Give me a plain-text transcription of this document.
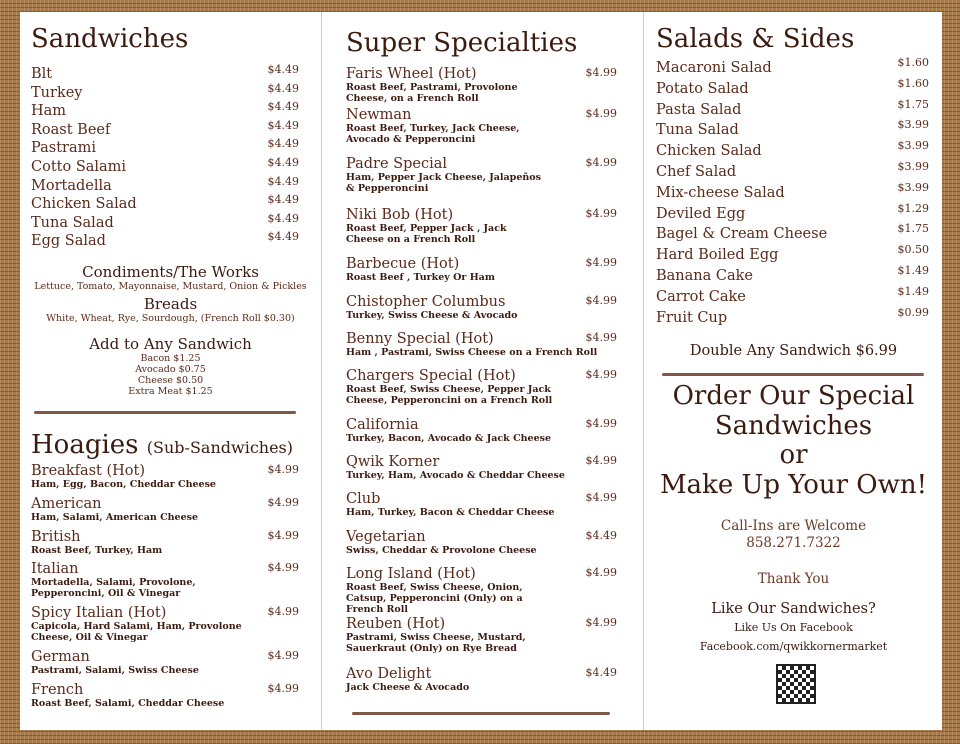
Sandwiches
Blt	$4.49
Turkey	$4.49
Ham	$4.49
Roast Beef	$4.49
Pastrami	$4.49
Cotto Salami	$4.49
Mortadella	$4.49
Chicken Salad	$4.49
Tuna Salad	$4.49
Egg Salad	$4.49
Condiments/The Works
Lettuce, Tomato, Mayonnaise, Mustard, Onion & Pickles
Breads
White, Wheat, Rye, Sourdough, (French Roll $0.30)
Add to Any Sandwich
Bacon $1.25
Avocado $0.75
Cheese $0.50
Extra Meat $1.25
Hoagies (Sub-Sandwiches)
Breakfast (Hot)
Ham, Egg, Bacon, Cheddar Cheese
$4.99
American
Ham, Salami, American Cheese
$4.99
British
Roast Beef, Turkey, Ham
$4.99
Italian
Mortadella, Salami, Provolone, Pepperoncini, Oil & Vinegar
$4.99
Spicy Italian (Hot)
Capicola, Hard Salami, Ham, Provolone Cheese, Oil & Vinegar
$4.99
German
Pastrami, Salami, Swiss Cheese
$4.99
French
Roast Beef, Salami, Cheddar Cheese
$4.99
Super Specialties
Faris Wheel (Hot)
Roast Beef, Pastrami, Provolone Cheese, on a French Roll
$4.99
Newman
Roast Beef, Turkey, Jack Cheese, Avocado & Pepperoncini
$4.99
Padre Special
Ham, Pepper Jack Cheese, Jalapeños & Pepperoncini
$4.99
Niki Bob (Hot)
Roast Beef, Pepper Jack , Jack Cheese on a French Roll
$4.99
Barbecue (Hot)
Roast Beef , Turkey Or Ham
$4.99
Chistopher Columbus
Turkey, Swiss Cheese & Avocado
$4.99
Benny Special (Hot)
Ham , Pastrami, Swiss Cheese on a French Roll
$4.99
Chargers Special (Hot)
Roast Beef, Swiss Cheese, Pepper Jack Cheese, Pepperoncini on a French Roll
$4.99
California
Turkey, Bacon, Avocado & Jack Cheese
$4.99
Qwik Korner
Turkey, Ham, Avocado & Cheddar Cheese
$4.99
Club
Ham, Turkey, Bacon & Cheddar Cheese
$4.99
Vegetarian
Swiss, Cheddar & Provolone Cheese
$4.49
Long Island (Hot)
Roast Beef, Swiss Cheese, Onion, Catsup, Pepperoncini (Only) on a French Roll
$4.99
Reuben (Hot)
Pastrami, Swiss Cheese, Mustard, Sauerkraut (Only) on Rye Bread
$4.99
Avo Delight
Jack Cheese & Avocado
$4.49
Salads & Sides
Macaroni Salad	$1.60
Potato Salad	$1.60
Pasta Salad	$1.75
Tuna Salad	$3.99
Chicken Salad	$3.99
Chef Salad	$3.99
Mix-cheese Salad	$3.99
Deviled Egg	$1.29
Bagel & Cream Cheese	$1.75
Hard Boiled Egg	$0.50
Banana Cake	$1.49
Carrot Cake	$1.49
Fruit Cup	$0.99
Double Any Sandwich $6.99
Order Our Special
Sandwiches
or
Make Up Your Own!
Call-Ins are Welcome
858.271.7322
Thank You
Like Our Sandwiches?
Like Us On Facebook
Facebook.com/qwikkornermarket
